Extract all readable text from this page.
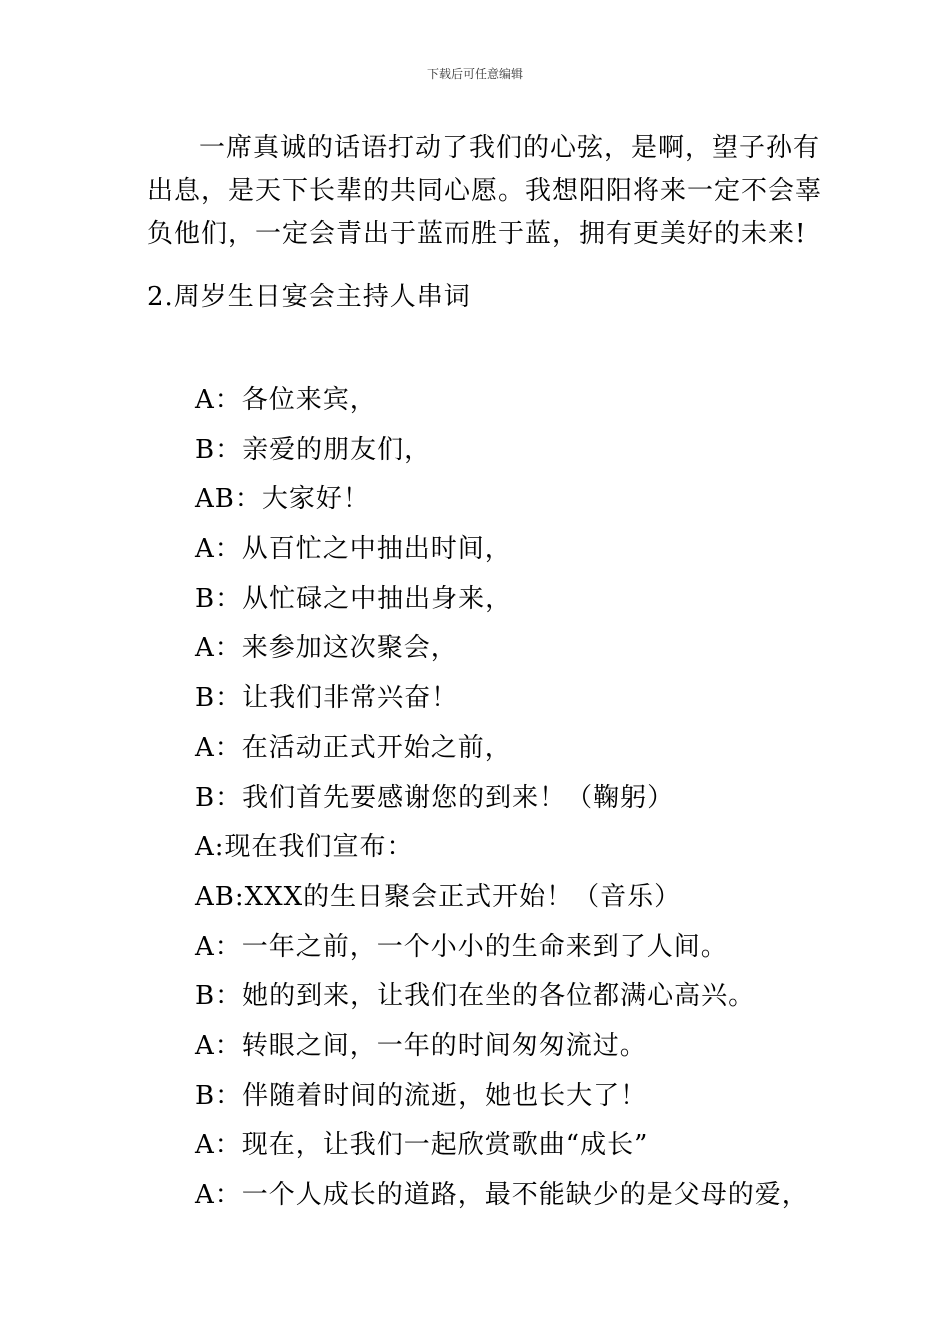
下载后可任意编辑
一席真诚的话语打动了我们的心弦，是啊，望子孙有
出息，是天下长辈的共同心愿。我想阳阳将来一定不会辜
负他们，一定会青出于蓝而胜于蓝，拥有更美好的未来!
2.周岁生日宴会主持人串词
A：各位来宾，
B：亲爱的朋友们，
AB：大家好！
A：从百忙之中抽出时间，
B：从忙碌之中抽出身来，
A：来参加这次聚会，
B：让我们非常兴奋！
A：在活动正式开始之前，
B：我们首先要感谢您的到来！（鞠躬）
A:现在我们宣布：
AB:XXX的生日聚会正式开始！（音乐）
A：一年之前，一个小小的生命来到了人间。
B：她的到来，让我们在坐的各位都满心高兴。
A：转眼之间，一年的时间匆匆流过。
B：伴随着时间的流逝，她也长大了！
A：现在，让我们一起欣赏歌曲“成长”
A：一个人成长的道路，最不能缺少的是父母的爱，
